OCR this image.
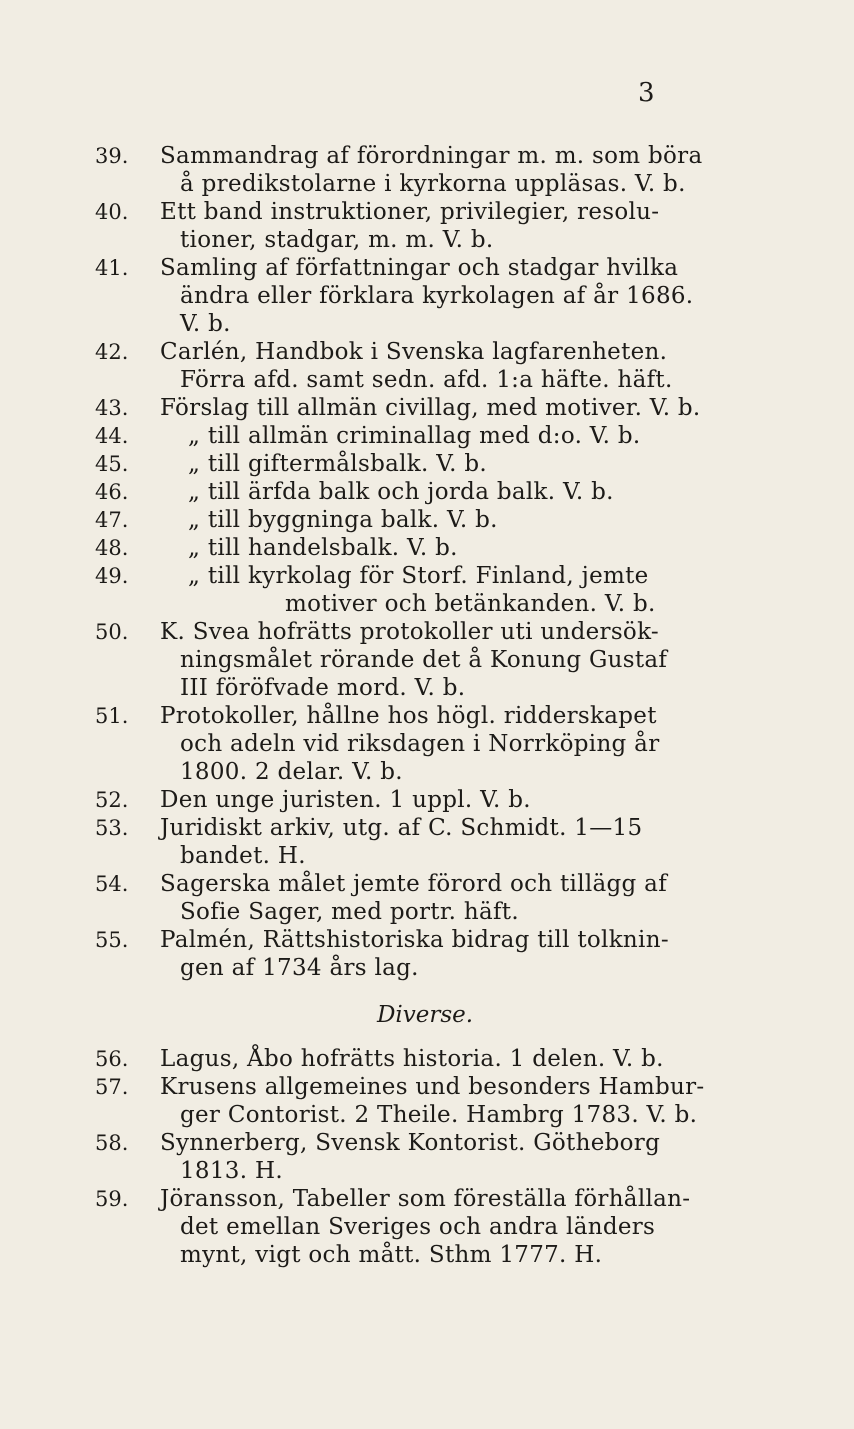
3
39.	Sammandrag af förordningar m. m. som böra
å predikstolarne i kyrkorna uppläsas. V. b.
40.	Ett band instruktioner, privilegier, resolu-
tioner, stadgar, m. m. V. b.
41.	Samling af författningar och stadgar hvilka
ändra eller förklara kyrkolagen af år 1686.
V. b.
42.	Carlén, Handbok i Svenska lagfarenheten.
Förra afd. samt sedn. afd. 1:a häfte. häft.
43.	Förslag till allmän civillag, med motiver. V. b.
44.	„ till allmän criminallag med d:o. V. b.
45.	„ till giftermålsbalk. V. b.
46.	„ till ärfda balk och jorda balk. V. b.
47.	„ till byggninga balk. V. b.
48.	„ till handelsbalk. V. b.
49.	„ till kyrkolag för Storf. Finland, jemte
motiver och betänkanden. V. b.
50.	K. Svea hofrätts protokoller uti undersök-
ningsmålet rörande det å Konung Gustaf
III föröfvade mord. V. b.
51.	Protokoller, hållne hos högl. ridderskapet
och adeln vid riksdagen i Norrköping år
1800. 2 delar. V. b.
52.	Den unge juristen. 1 uppl. V. b.
53.	Juridiskt arkiv, utg. af C. Schmidt. 1—15
bandet. H.
54.	Sagerska målet jemte förord och tillägg af
Sofie Sager, med portr. häft.
55.	Palmén, Rättshistoriska bidrag till tolknin-
gen af 1734 års lag.
Diverse.
56.	Lagus, Åbo hofrätts historia. 1 delen. V. b.
57.	Krusens allgemeines und besonders Hambur-
ger Contorist. 2 Theile. Hambrg 1783. V. b.
58.	Synnerberg, Svensk Kontorist. Götheborg
1813. H.
59.	Jöransson, Tabeller som föreställa förhållan-
det emellan Sveriges och andra länders
mynt, vigt och mått. Sthm 1777. H.
